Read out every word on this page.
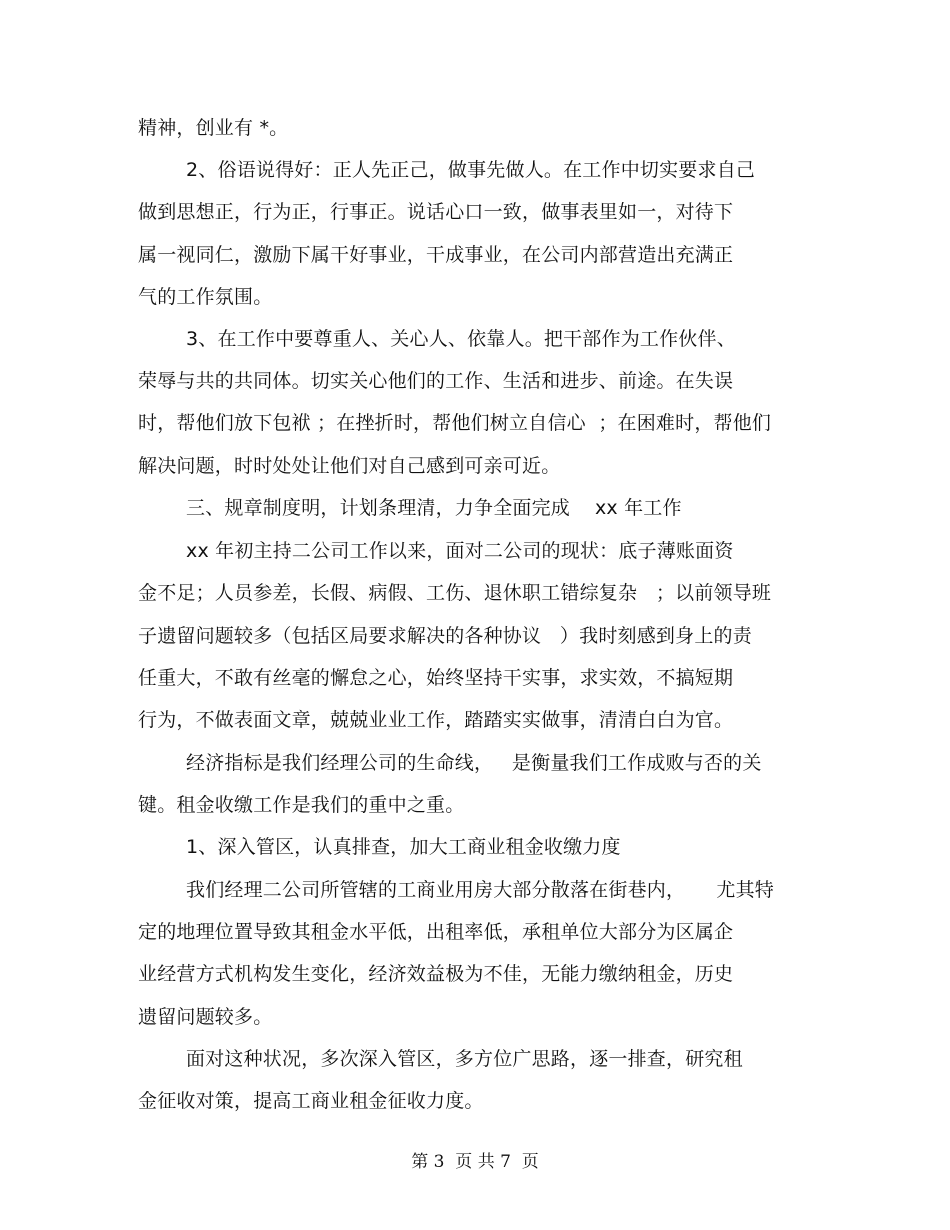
精神，创业有 *。
2、俗语说得好：正人先正己，做事先做人。在工作中切实要求自己
做到思想正，行为正，行事正。说话心口一致，做事表里如一，对待下
属一视同仁，激励下属干好事业，干成事业，在公司内部营造出充满正
气的工作氛围。
3、在工作中要尊重人、关心人、依靠人。把干部作为工作伙伴、
荣辱与共的共同体。切实关心他们的工作、生活和进步、前途。在失误
时，帮他们放下包袱 ；在挫折时，帮他们树立自信心  ；在困难时，帮他们
解决问题，时时处处让他们对自己感到可亲可近。
三、规章制度明，计划条理清，力争全面完成    xx 年工作
xx 年初主持二公司工作以来，面对二公司的现状：底子薄账面资
金不足；人员参差，长假、病假、工伤、退休职工错综复杂   ；以前领导班
子遗留问题较多（包括区局要求解决的各种协议   ）我时刻感到身上的责
任重大，不敢有丝毫的懈怠之心，始终坚持干实事，求实效，不搞短期
行为，不做表面文章，兢兢业业工作，踏踏实实做事，清清白白为官。
经济指标是我们经理公司的生命线，   是衡量我们工作成败与否的关
键。租金收缴工作是我们的重中之重。
1、深入管区，认真排查，加大工商业租金收缴力度
我们经理二公司所管辖的工商业用房大部分散落在街巷内，     尤其特
定的地理位置导致其租金水平低，出租率低，承租单位大部分为区属企
业经营方式机构发生变化，经济效益极为不佳，无能力缴纳租金，历史
遗留问题较多。
面对这种状况，多次深入管区，多方位广思路，逐一排查，研究租
金征收对策，提高工商业租金征收力度。
第 3  页 共 7  页
